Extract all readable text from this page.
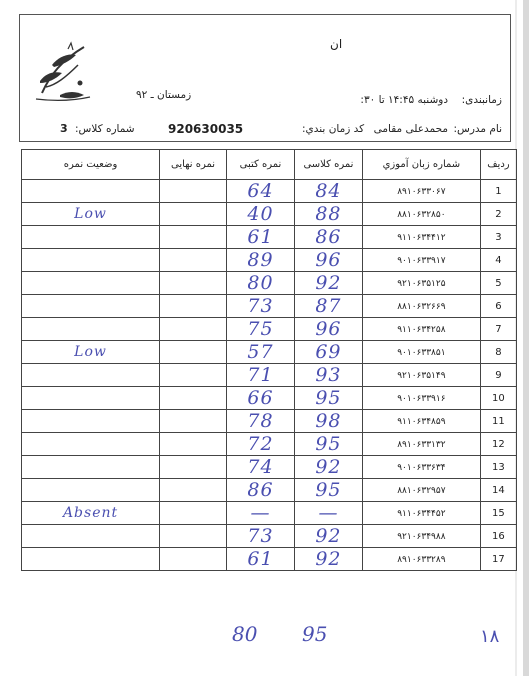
ان
زمانبندی:
دوشنبه ۱۴:۴۵ تا ۳۰:
زمستان ـ ۹۲
نام مدرس:
محمدعلی مقامی
کد زمان بندي:
920630035
شماره کلاس:
3
وضعیت نمره	نمره نهایی	نمره کتبی	نمره کلاسی	شماره زبان آموزي	ردیف
		64	84	۸۹۱۰۶۳۳۰۶۷	1
Low		40	88	۸۸۱۰۶۳۲۸۵۰	2
		61	86	۹۱۱۰۶۳۴۴۱۲	3
		89	96	۹۰۱۰۶۳۳۹۱۷	4
		80	92	۹۲۱۰۶۳۵۱۲۵	5
		73	87	۸۸۱۰۶۳۲۶۶۹	6
		75	96	۹۱۱۰۶۳۴۲۵۸	7
Low		57	69	۹۰۱۰۶۳۳۸۵۱	8
		71	93	۹۲۱۰۶۳۵۱۴۹	9
		66	95	۹۰۱۰۶۳۳۹۱۶	10
		78	98	۹۱۱۰۶۳۴۸۵۹	11
		72	95	۸۹۱۰۶۳۳۱۳۲	12
		74	92	۹۰۱۰۶۳۳۶۳۴	13
		86	95	۸۸۱۰۶۳۲۹۵۷	14
Absent		—	—	۹۱۱۰۶۳۴۴۵۲	15
		73	92	۹۲۱۰۶۳۴۹۸۸	16
		61	92	۸۹۱۰۶۳۳۲۸۹	17
80 95	۱۸
